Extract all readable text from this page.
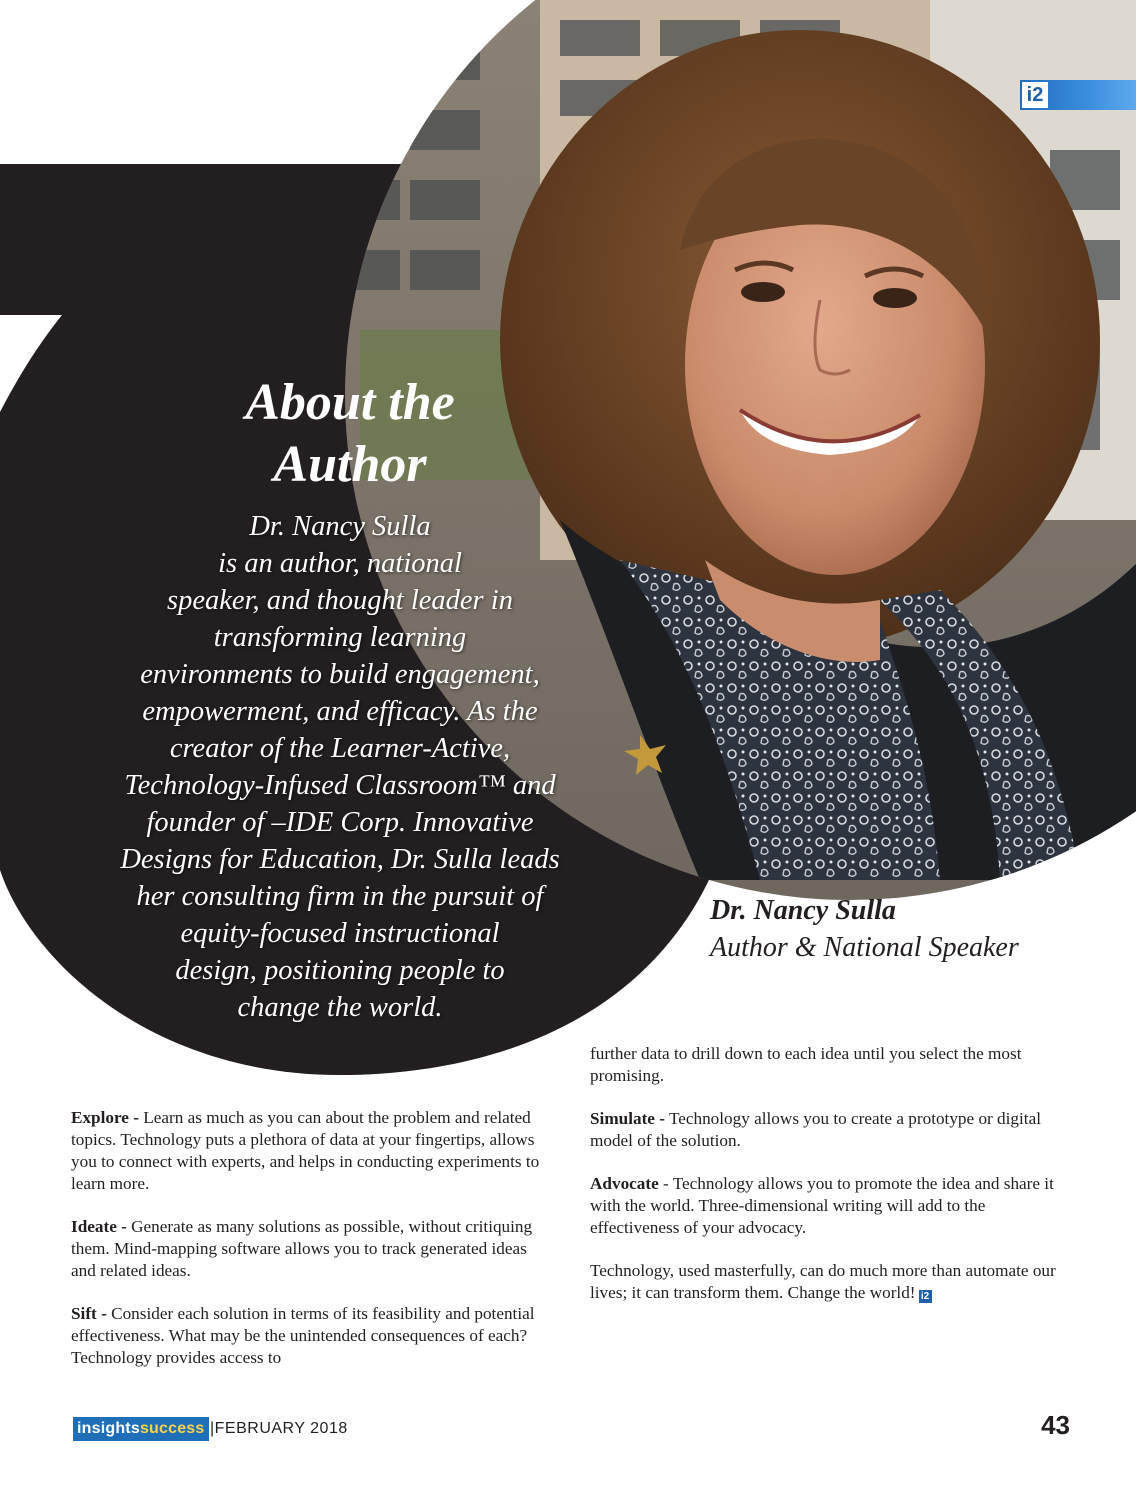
i2
About the
Author
Dr. Nancy Sulla
is an author, national
speaker, and thought leader in
transforming learning
environments to build engagement,
empowerment, and efficacy. As the
creator of the Learner-Active,
Technology-Infused Classroom™ and
founder of –IDE Corp. Innovative
Designs for Education, Dr. Sulla leads
her consulting firm in the pursuit of
equity-focused instructional
design, positioning people to
change the world.
Dr. Nancy Sulla
Author & National Speaker

Explore - Learn as much as you can about the problem and related topics. Technology puts a plethora of data at your fingertips, allows you to connect with experts, and helps in conducting experiments to learn more.

Ideate - Generate as many solutions as possible, without critiquing them. Mind-mapping software allows you to track generated ideas and related ideas.

Sift - Consider each solution in terms of its feasibility and potential effectiveness. What may be the unintended consequences of each? Technology provides access to

further data to drill down to each idea until you select the most promising.

Simulate - Technology allows you to create a prototype or digital model of the solution.

Advocate - Technology allows you to promote the idea and share it with the world. Three-dimensional writing will add to the effectiveness of your advocacy.

Technology, used masterfully, can do much more than automate our lives; it can transform them. Change the world! i2

insightssuccess |FEBRUARY 2018	43
